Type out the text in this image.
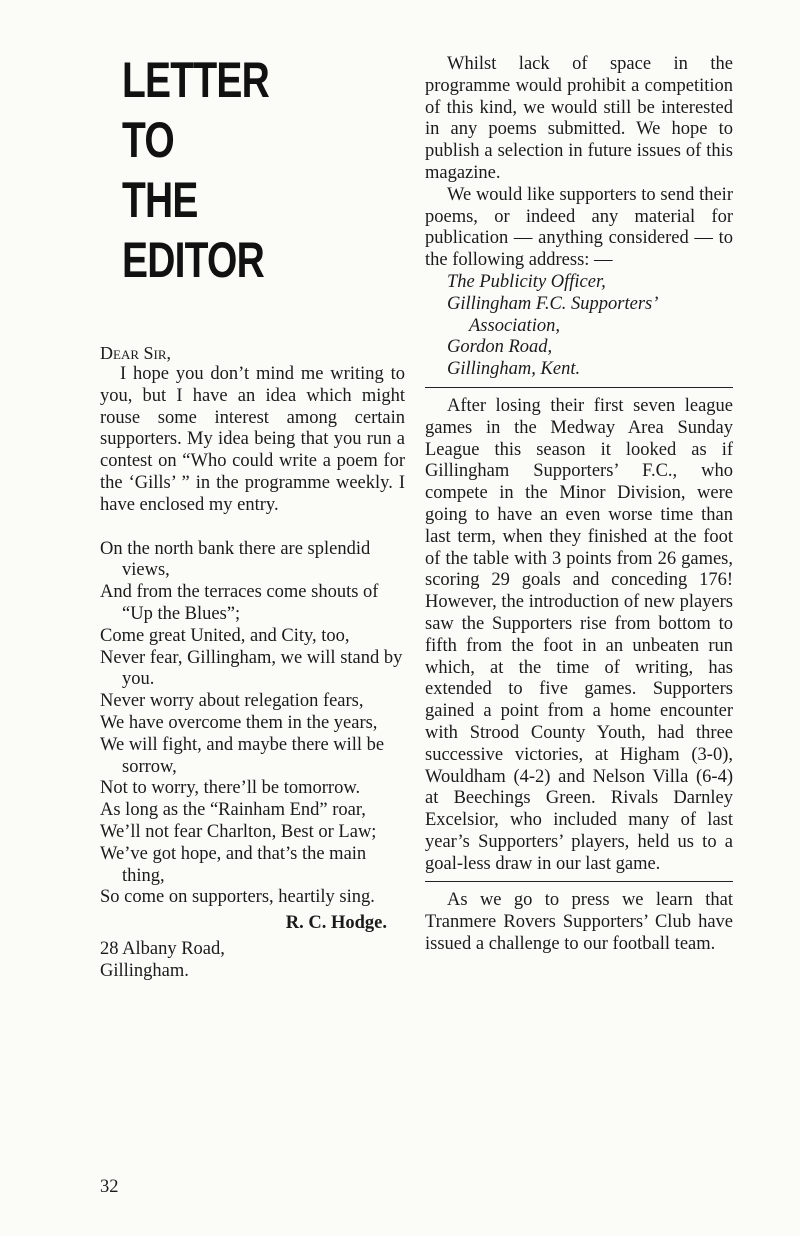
LETTER
TO
THE
EDITOR
Dear Sir,

I hope you don’t mind me writing to you, but I have an idea which might rouse some interest among certain supporters. My idea being that you run a contest on “Who could write a poem for the ‘Gills’ ” in the programme weekly. I have enclosed my entry.

On the north bank there are splendid views,
And from the terraces come shouts of “Up the Blues”;
Come great United, and City, too,
Never fear, Gillingham, we will stand by you.
Never worry about relegation fears,
We have overcome them in the years,
We will fight, and maybe there will be sorrow,
Not to worry, there’ll be tomorrow.
As long as the “Rainham End” roar,
We’ll not fear Charlton, Best or Law;
We’ve got hope, and that’s the main thing,
So come on supporters, heartily sing.
R. C. Hodge.
28 Albany Road,
Gillingham.
32

Whilst lack of space in the programme would prohibit a competition of this kind, we would still be interested in any poems submitted. We hope to publish a selection in future issues of this magazine.

We would like supporters to send their poems, or indeed any material for publication — anything considered — to the following address: —

The Publicity Officer,
Gillingham F.C. Supporters’
Association,
Gordon Road,
Gillingham, Kent.

After losing their first seven league games in the Medway Area Sunday League this season it looked as if Gillingham Supporters’ F.C., who compete in the Minor Division, were going to have an even worse time than last term, when they finished at the foot of the table with 3 points from 26 games, scoring 29 goals and conceding 176! However, the introduction of new players saw the Supporters rise from bottom to fifth from the foot in an unbeaten run which, at the time of writing, has extended to five games. Supporters gained a point from a home encounter with Strood County Youth, had three successive victories, at Higham (3-0), Wouldham (4-2) and Nelson Villa (6-4) at Beechings Green. Rivals Darnley Excelsior, who included many of last year’s Supporters’ players, held us to a goal-less draw in our last game.

As we go to press we learn that Tranmere Rovers Supporters’ Club have issued a challenge to our football team.
